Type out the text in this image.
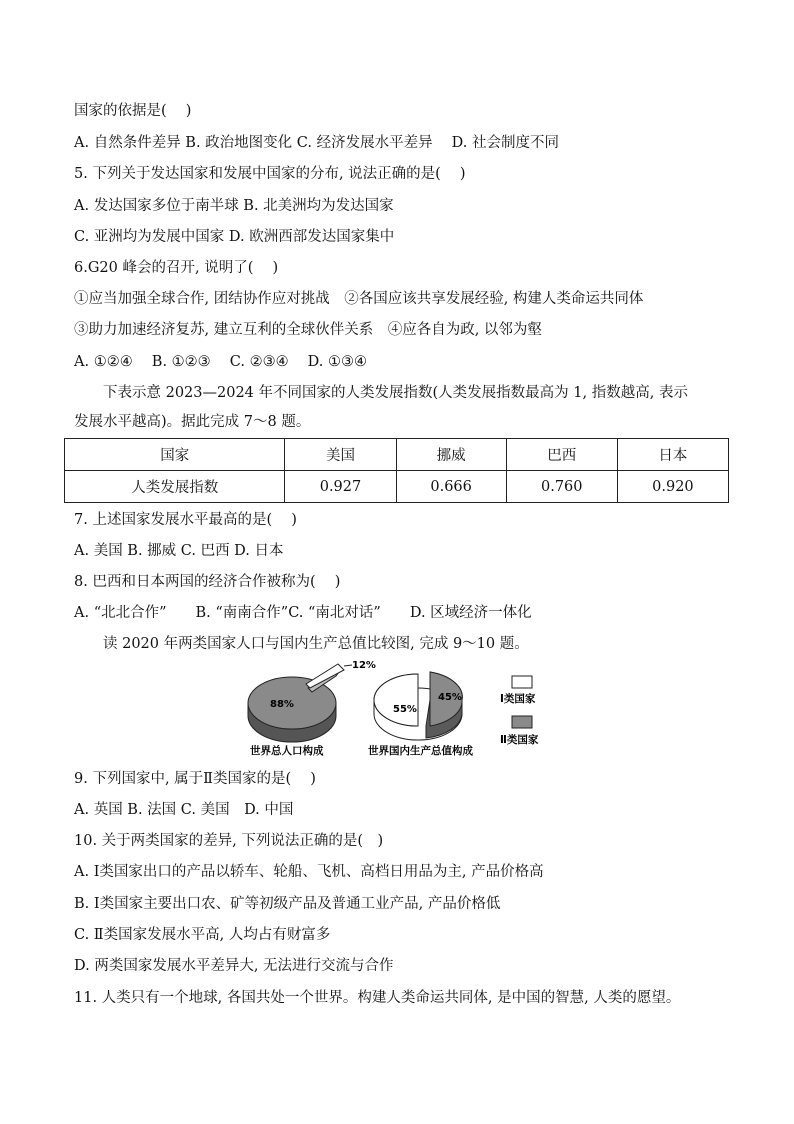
国家的依据是(　 )
A. 自然条件差异 B. 政治地图变化 C. 经济发展水平差异 　D. 社会制度不同
5. 下列关于发达国家和发展中国家的分布, 说法正确的是(　 )
A. 发达国家多位于南半球 B. 北美洲均为发达国家
C. 亚洲均为发展中国家 D. 欧洲西部发达国家集中
6.G20 峰会的召开, 说明了(　 )
①应当加强全球合作, 团结协作应对挑战　②各国应该共享发展经验, 构建人类命运共同体
③助力加速经济复苏, 建立互利的全球伙伴关系　④应各自为政, 以邻为壑
A. ①②④　 B. ①②③　 C. ②③④　 D. ①③④
下表示意 2023—2024 年不同国家的人类发展指数(人类发展指数最高为 1, 指数越高, 表示
发展水平越高)。据此完成 7～8 题。
国家	美国	挪威	巴西	日本
人类发展指数	0.927	0.666	0.760	0.920
7. 上述国家发展水平最高的是(　 )
A. 美国 B. 挪威 C. 巴西 D. 日本
8. 巴西和日本两国的经济合作被称为(　 )
A. “北北合作”　　B. “南南合作”C. “南北对话”　　D. 区域经济一体化
读 2020 年两类国家人口与国内生产总值比较图, 完成 9～10 题。
12%
88%
世界总人口构成
55%
45%
世界国内生产总值构成
Ⅰ类国家
Ⅱ类国家
9. 下列国家中, 属于Ⅱ类国家的是(　 )
A. 英国 B. 法国 C. 美国　D. 中国
10. 关于两类国家的差异, 下列说法正确的是(　)
A. Ⅰ类国家出口的产品以轿车、轮船、飞机、高档日用品为主, 产品价格高
B. Ⅰ类国家主要出口农、矿等初级产品及普通工业产品, 产品价格低
C. Ⅱ类国家发展水平高, 人均占有财富多
D. 两类国家发展水平差异大, 无法进行交流与合作
11. 人类只有一个地球, 各国共处一个世界。构建人类命运共同体, 是中国的智慧, 人类的愿望。
